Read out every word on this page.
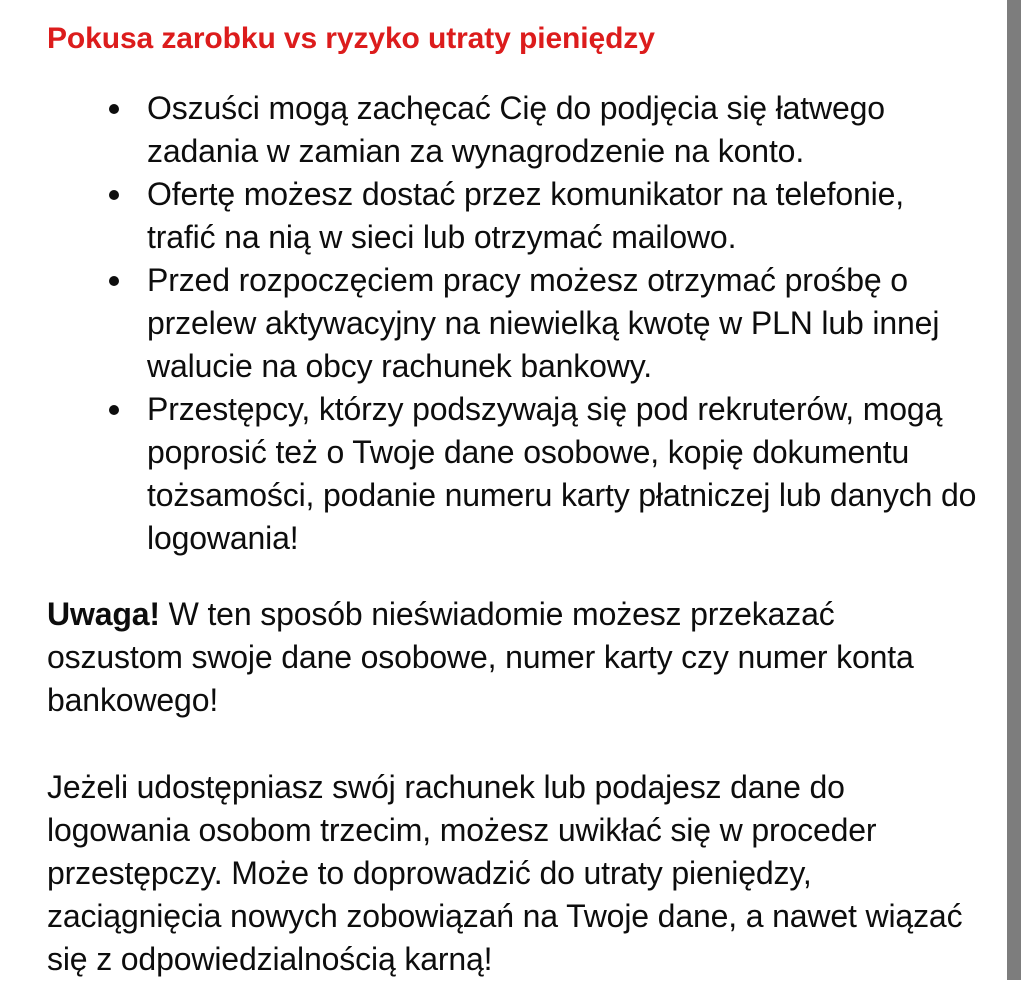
Pokusa zarobku vs ryzyko utraty pieniędzy
Oszuści mogą zachęcać Cię do podjęcia się łatwego zadania w zamian za wynagrodzenie na konto.
Ofertę możesz dostać przez komunikator na telefonie, trafić na nią w sieci lub otrzymać mailowo.
Przed rozpoczęciem pracy możesz otrzymać prośbę o przelew aktywacyjny na niewielką kwotę w PLN lub innej walucie na obcy rachunek bankowy.
Przestępcy, którzy podszywają się pod rekruterów, mogą poprosić też o Twoje dane osobowe, kopię dokumentu tożsamości, podanie numeru karty płatniczej lub danych do logowania!

Uwaga! W ten sposób nieświadomie możesz przekazać oszustom swoje dane osobowe, numer karty czy numer konta bankowego!

Jeżeli udostępniasz swój rachunek lub podajesz dane do logowania osobom trzecim, możesz uwikłać się w proceder przestępczy. Może to doprowadzić do utraty pieniędzy, zaciągnięcia nowych zobowiązań na Twoje dane, a nawet wiązać się z odpowiedzialnością karną!
